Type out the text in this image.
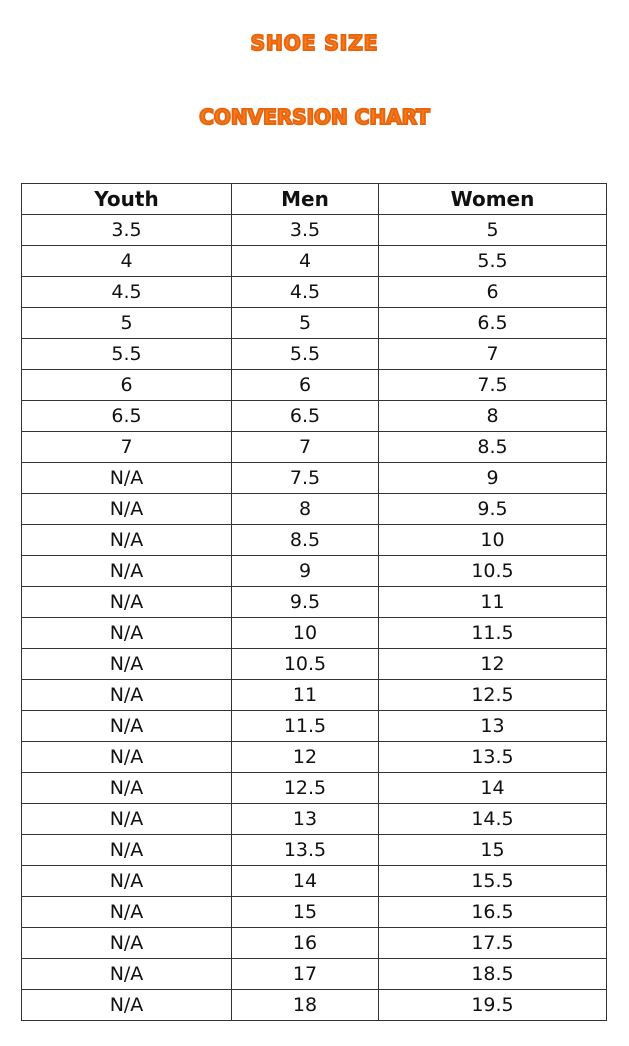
SHOE SIZE
CONVERSION CHART
Youth	Men	Women
3.5	3.5	5
4	4	5.5
4.5	4.5	6
5	5	6.5
5.5	5.5	7
6	6	7.5
6.5	6.5	8
7	7	8.5
N/A	7.5	9
N/A	8	9.5
N/A	8.5	10
N/A	9	10.5
N/A	9.5	11
N/A	10	11.5
N/A	10.5	12
N/A	11	12.5
N/A	11.5	13
N/A	12	13.5
N/A	12.5	14
N/A	13	14.5
N/A	13.5	15
N/A	14	15.5
N/A	15	16.5
N/A	16	17.5
N/A	17	18.5
N/A	18	19.5
